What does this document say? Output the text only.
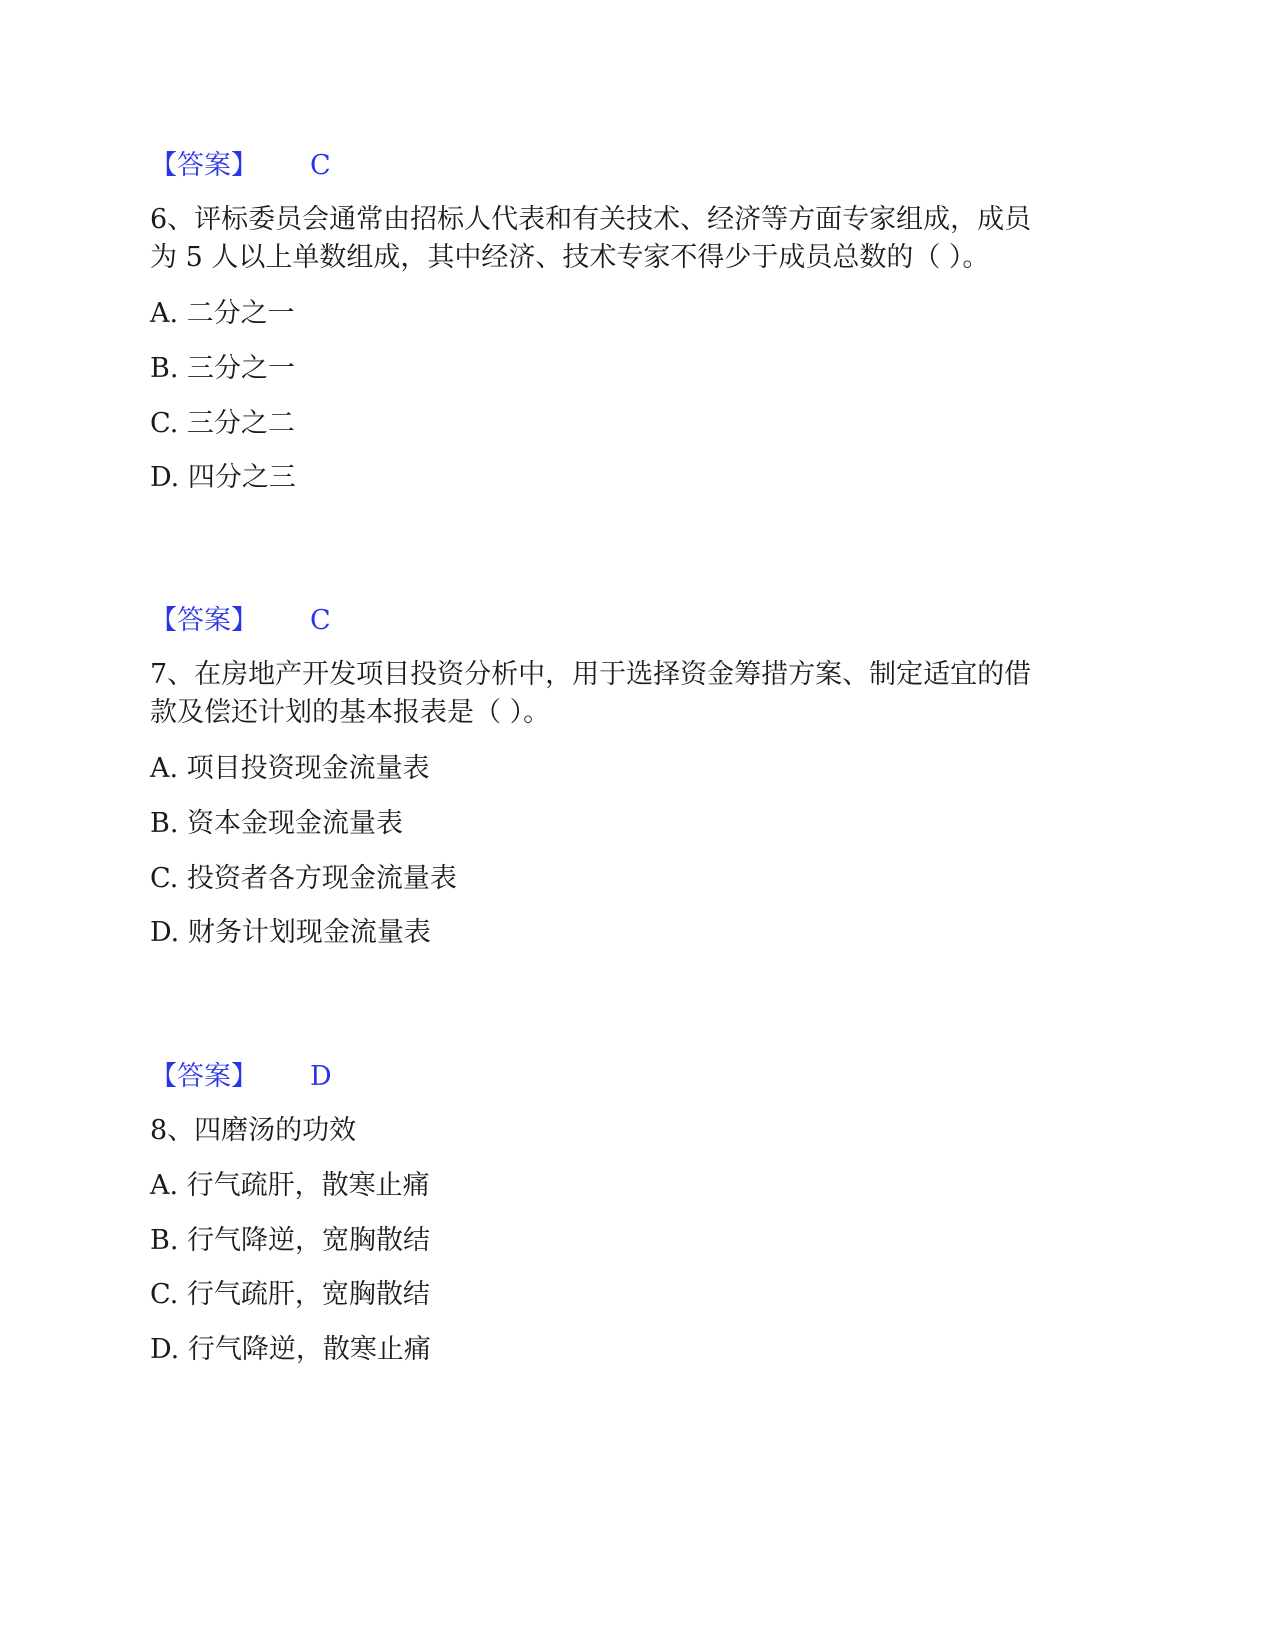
【答案】 C
6、评标委员会通常由招标人代表和有关技术、经济等方面专家组成，成员
为 5 人以上单数组成，其中经济、技术专家不得少于成员总数的（ ）。
A. 二分之一
B. 三分之一
C. 三分之二
D. 四分之三
【答案】 C
7、在房地产开发项目投资分析中，用于选择资金筹措方案、制定适宜的借
款及偿还计划的基本报表是（ ）。
A. 项目投资现金流量表
B. 资本金现金流量表
C. 投资者各方现金流量表
D. 财务计划现金流量表
【答案】 D
8、四磨汤的功效
A. 行气疏肝，散寒止痛
B. 行气降逆，宽胸散结
C. 行气疏肝，宽胸散结
D. 行气降逆，散寒止痛
